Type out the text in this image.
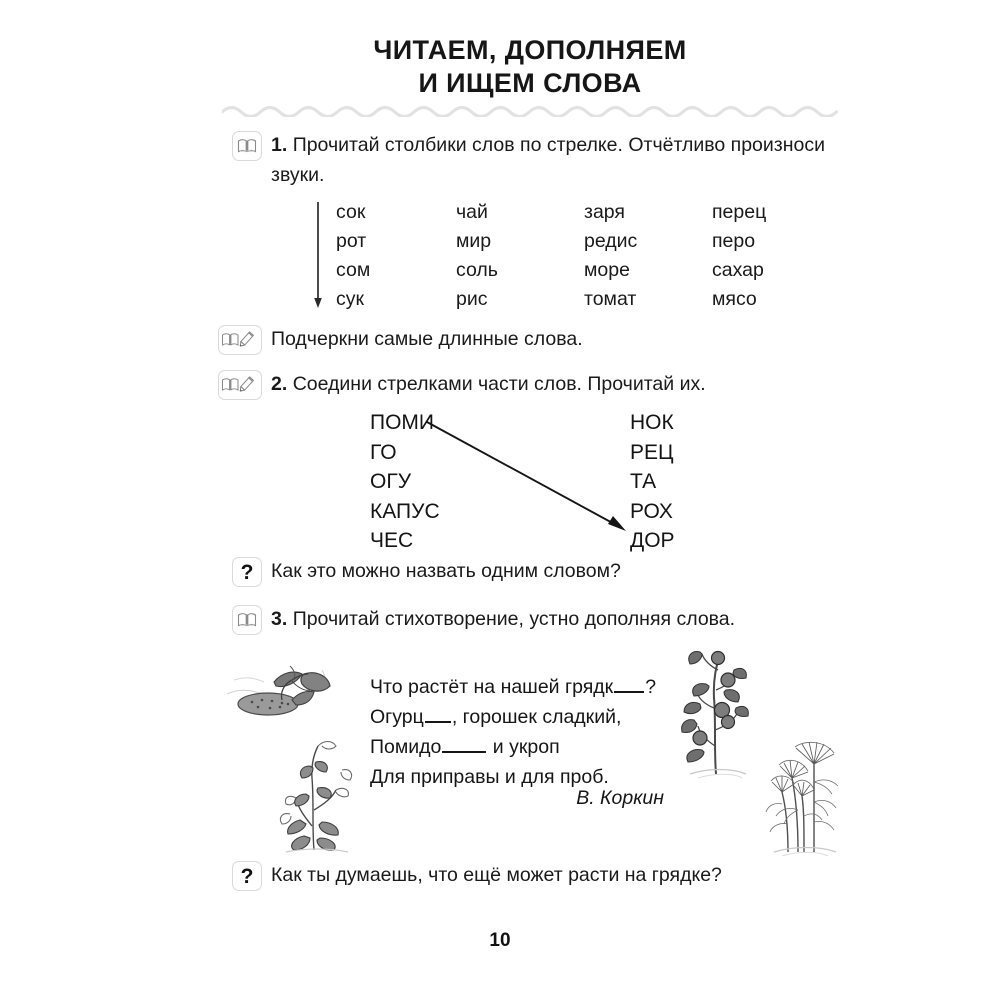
ЧИТАЕМ, ДОПОЛНЯЕМ
И ИЩЕМ СЛОВА
1. Прочитай столбики слов по стрелке. Отчётливо произноси звуки.
сок	чай	заря	перец
рот	мир	редис	перо
сом	соль	море	сахар
сук	рис	томат	мясо
Подчеркни самые длинные слова.
2. Соедини стрелками части слов. Прочитай их.
ПОМИ
ГО
ОГУ
КАПУС
ЧЕС
НОК
РЕЦ
ТА
РОХ
ДОР
? Как это можно назвать одним словом?
3. Прочитай стихотворение, устно дополняя слова.
Что растёт на нашей грядк ?
Огурц , горошек сладкий,
Помидо и укроп
Для приправы и для проб.
В. Коркин
? Как ты думаешь, что ещё может расти на грядке?
10
